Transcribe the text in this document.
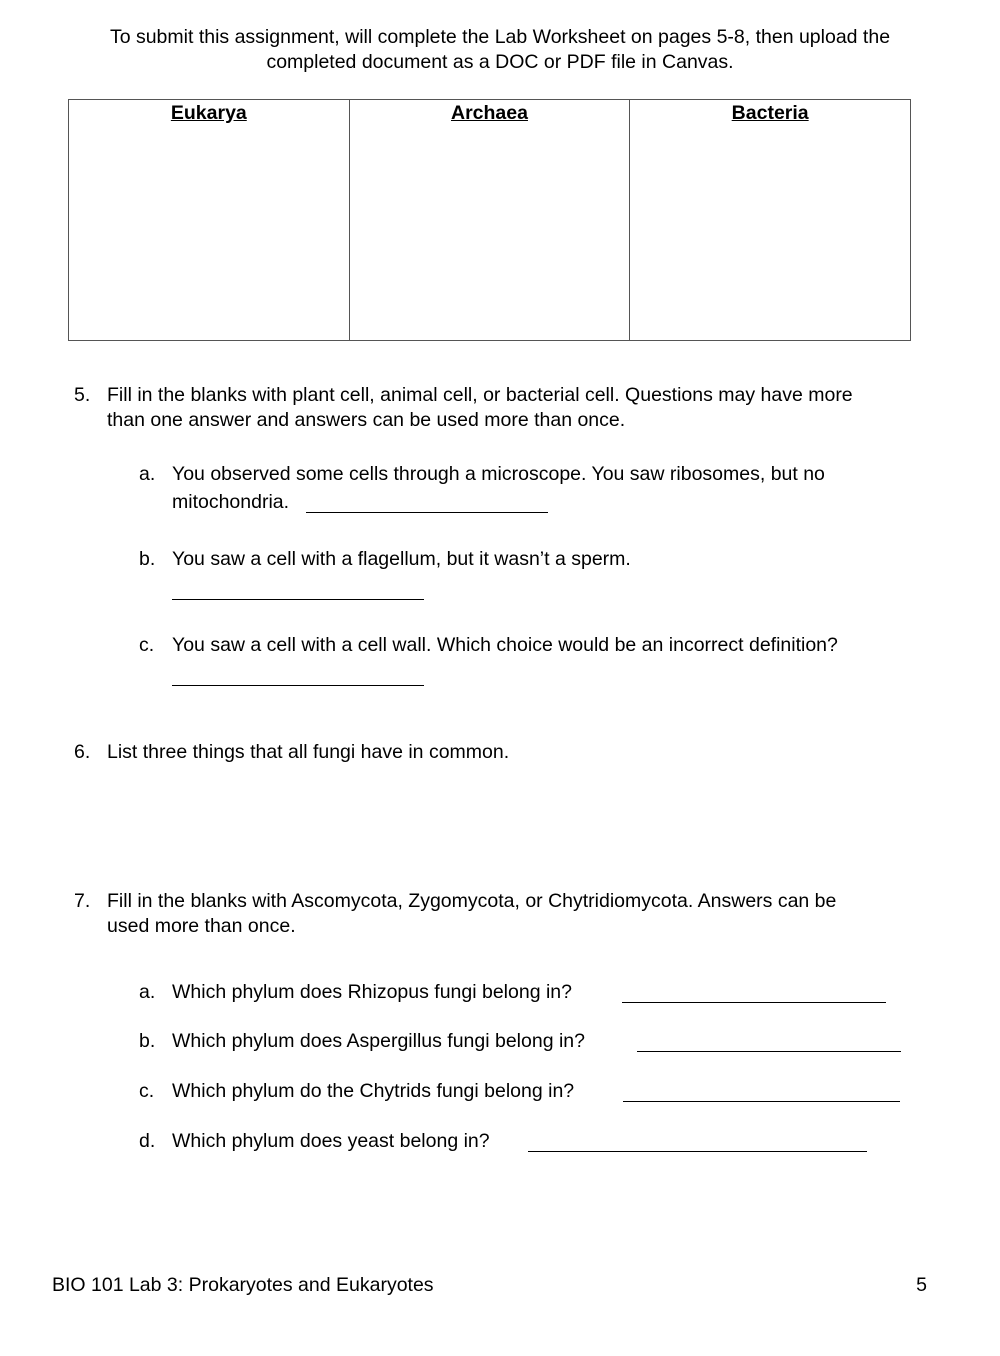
To submit this assignment, will complete the Lab Worksheet on pages 5-8, then upload the
completed document as a DOC or PDF file in Canvas.
Eukarya	Archaea	Bacteria
5. Fill in the blanks with plant cell, animal cell, or bacterial cell. Questions may have more
than one answer and answers can be used more than once.
a. You observed some cells through a microscope. You saw ribosomes, but no
mitochondria.
b. You saw a cell with a flagellum, but it wasn’t a sperm.
c. You saw a cell with a cell wall. Which choice would be an incorrect definition?
6. List three things that all fungi have in common.
7. Fill in the blanks with Ascomycota, Zygomycota, or Chytridiomycota. Answers can be
used more than once.
a. Which phylum does Rhizopus fungi belong in?
b. Which phylum does Aspergillus fungi belong in?
c. Which phylum do the Chytrids fungi belong in?
d. Which phylum does yeast belong in?
BIO 101 Lab 3: Prokaryotes and Eukaryotes	5
